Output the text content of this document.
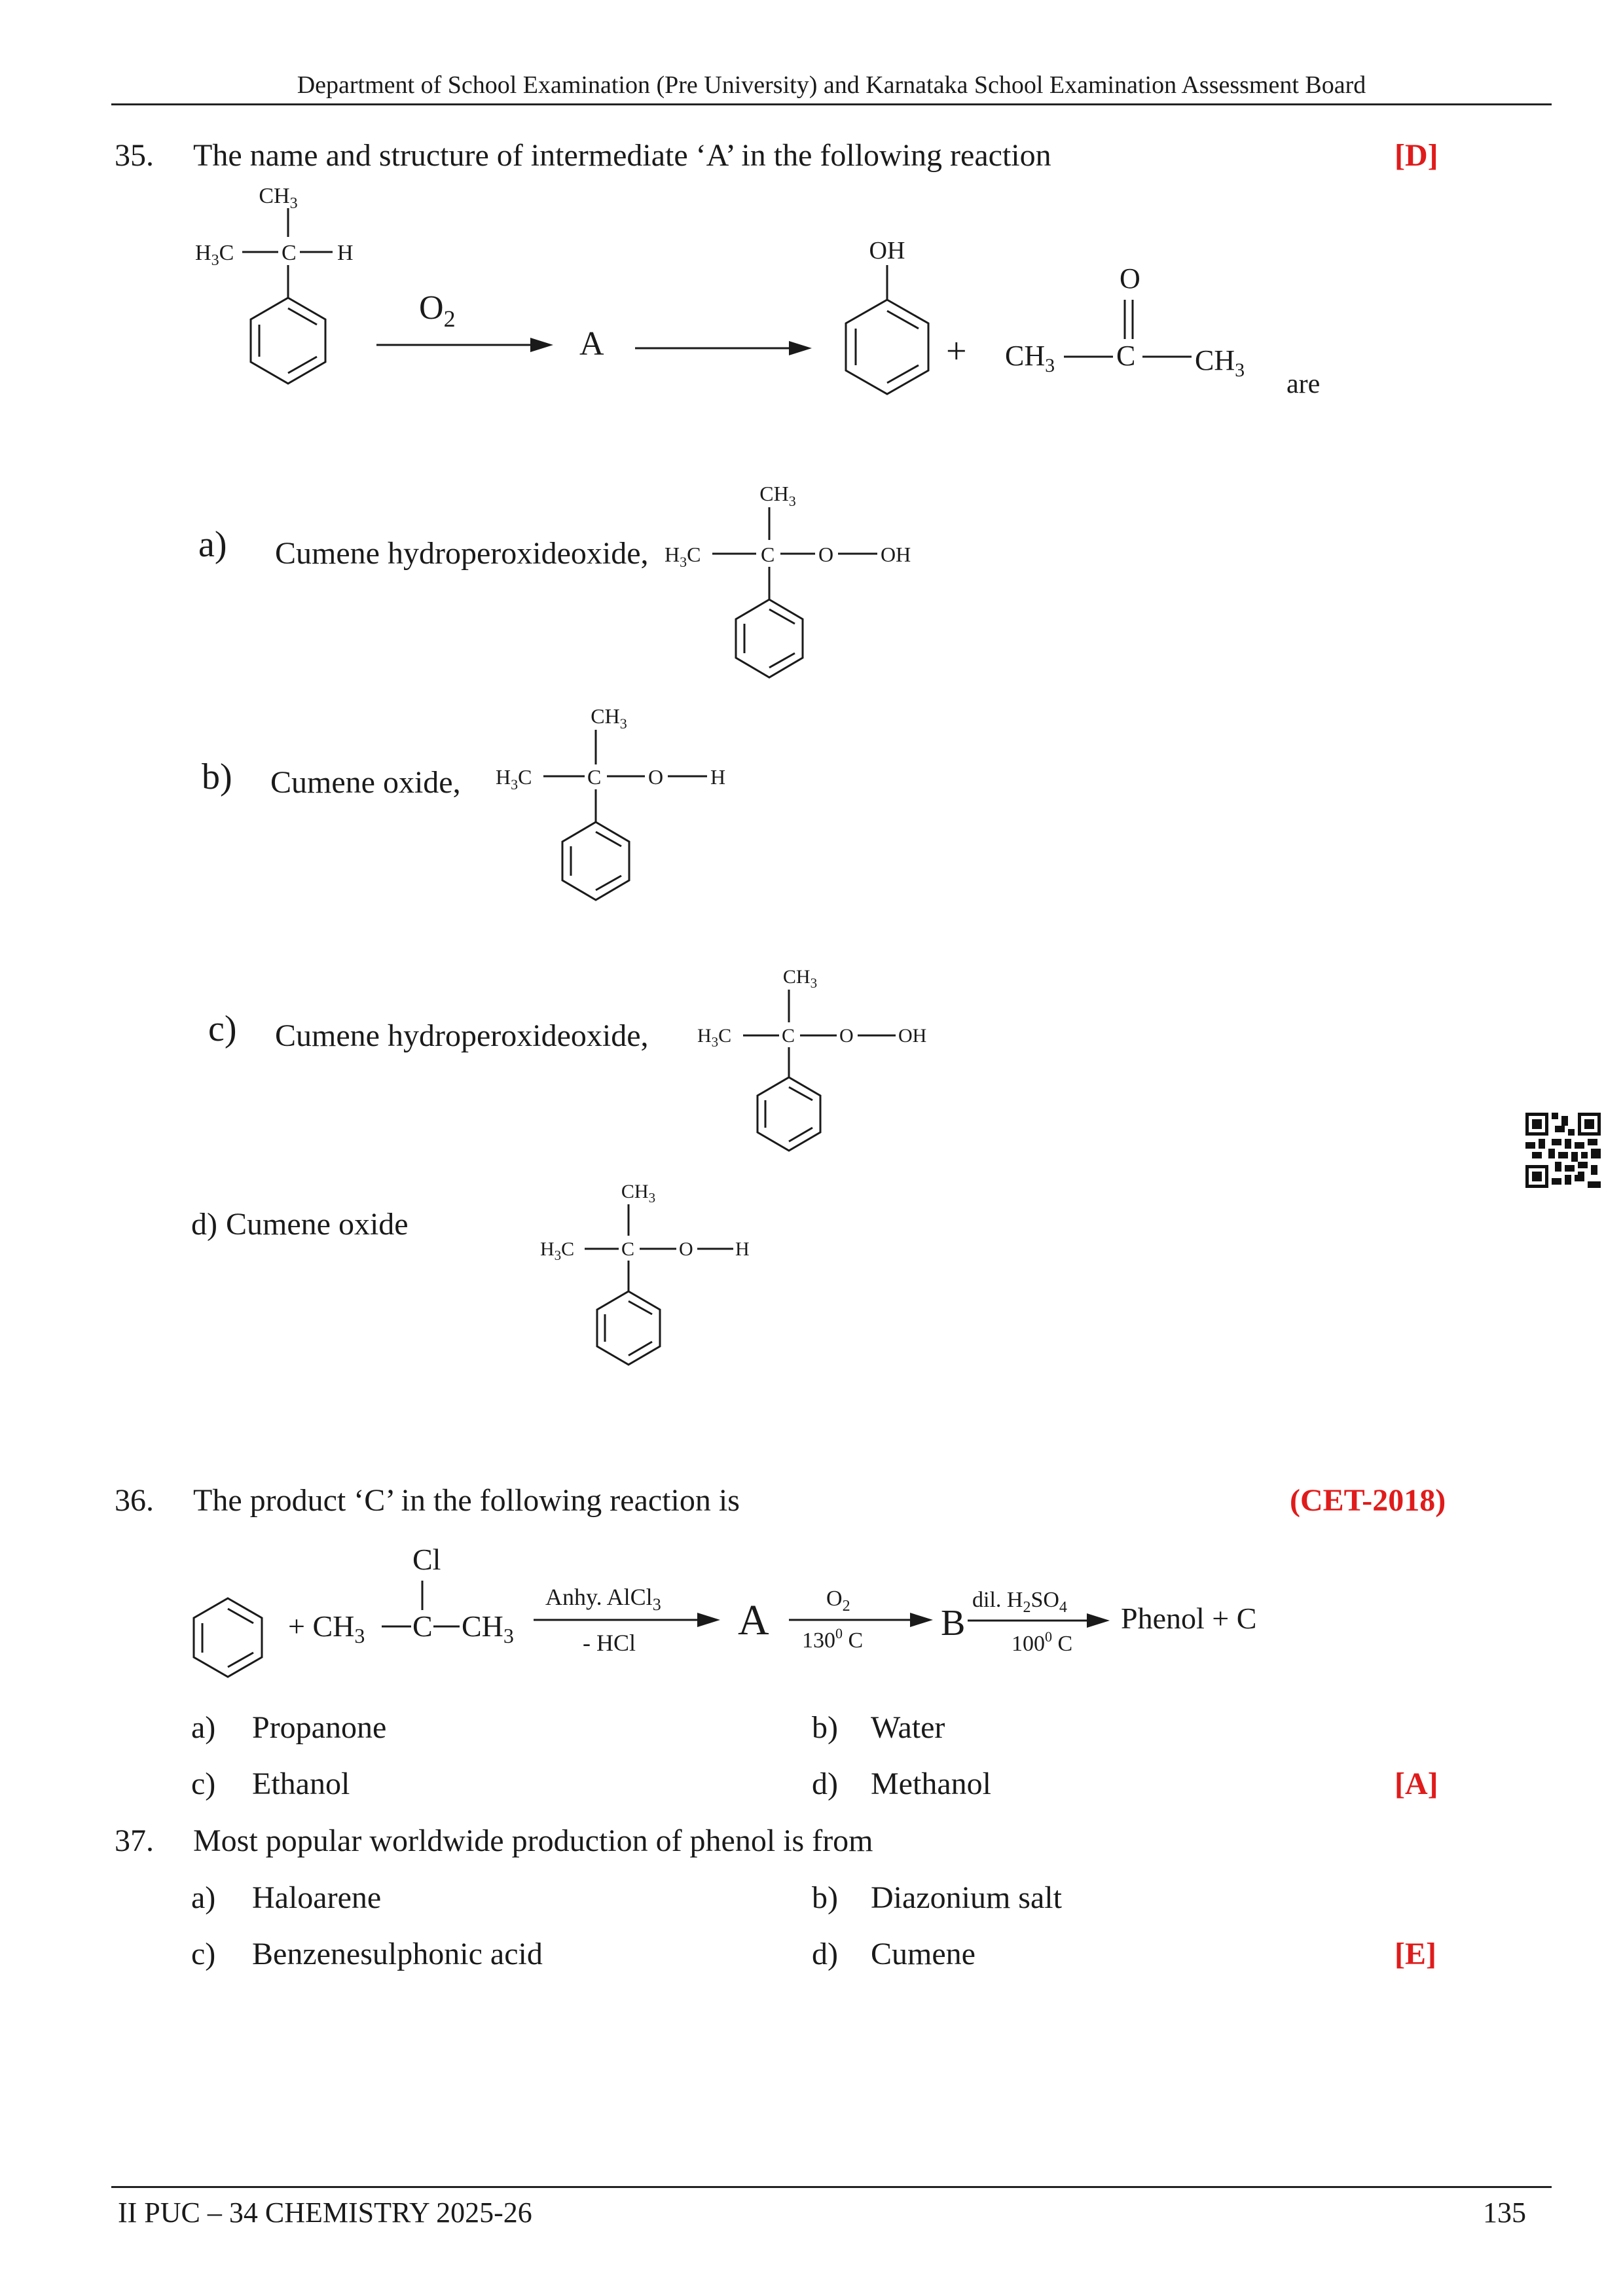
Department of School Examination (Pre University) and Karnataka School Examination Assessment Board
35. The name and structure of intermediate ‘A’ in the following reaction	[D]
$CH_3$
$H_3C$ C H
$O_2$
A
OH
+ $CH_3$ C
O
$CH_3$ are
a) Cumene hydroperoxideoxide,
$CH_3$
$H_3C$	C O OH
b) Cumene oxide,
$CH_3$
$H_3C$	C O H
c) Cumene hydroperoxideoxide,
$CH_3$
$H_3C$	C O OH
d) Cumene oxide
$CH_3$
$H_3C$ C O H
36. The product ‘C’ in the following reaction is	(CET-2018)
+ $CH_3$ C
Cl
$CH_3$
Anhy. AlCl$_3$
- HCl A	$O_2$
$130^0$ C B
dil. $H_2SO_4$
$100^0$ C
Phenol + C
a) Propanone	b) Water
c) Ethanol	d) Methanol	[A]
37. Most popular worldwide production of phenol is from
a) Haloarene	b) Diazonium salt
c) Benzenesulphonic acid	d) Cumene	[E]
II PUC – 34 CHEMISTRY 2025-26	135
